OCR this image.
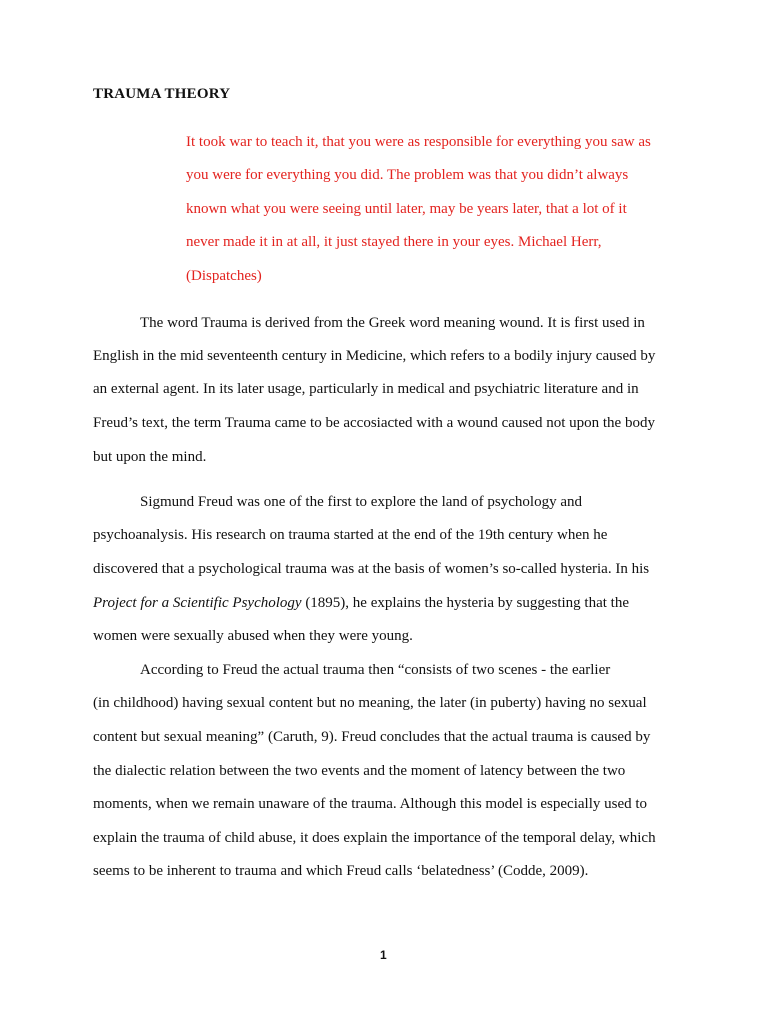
TRAUMA THEORY
It took war to teach it, that you were as responsible for everything you saw as
you were for everything you did. The problem was that you didn’t always
known what you were seeing until later, may be years later, that a lot of it
never made it in at all, it just stayed there in your eyes. Michael Herr,
(Dispatches)
The word Trauma is derived from the Greek word meaning wound. It is first used in
English in the mid seventeenth century in Medicine, which refers to a bodily injury caused by
an external agent. In its later usage, particularly in medical and psychiatric literature and in
Freud’s text, the term Trauma came to be accosiacted with a wound caused not upon the body
but upon the mind.
Sigmund Freud was one of the first to explore the land of psychology and
psychoanalysis. His research on trauma started at the end of the 19th century when he
discovered that a psychological trauma was at the basis of women’s so-called hysteria. In his
Project for a Scientific Psychology (1895), he explains the hysteria by suggesting that the
women were sexually abused when they were young.
According to Freud the actual trauma then “consists of two scenes - the earlier
(in childhood) having sexual content but no meaning, the later (in puberty) having no sexual
content but sexual meaning” (Caruth, 9). Freud concludes that the actual trauma is caused by
the dialectic relation between the two events and the moment of latency between the two
moments, when we remain unaware of the trauma. Although this model is especially used to
explain the trauma of child abuse, it does explain the importance of the temporal delay, which
seems to be inherent to trauma and which Freud calls ‘belatedness’ (Codde, 2009).
1
